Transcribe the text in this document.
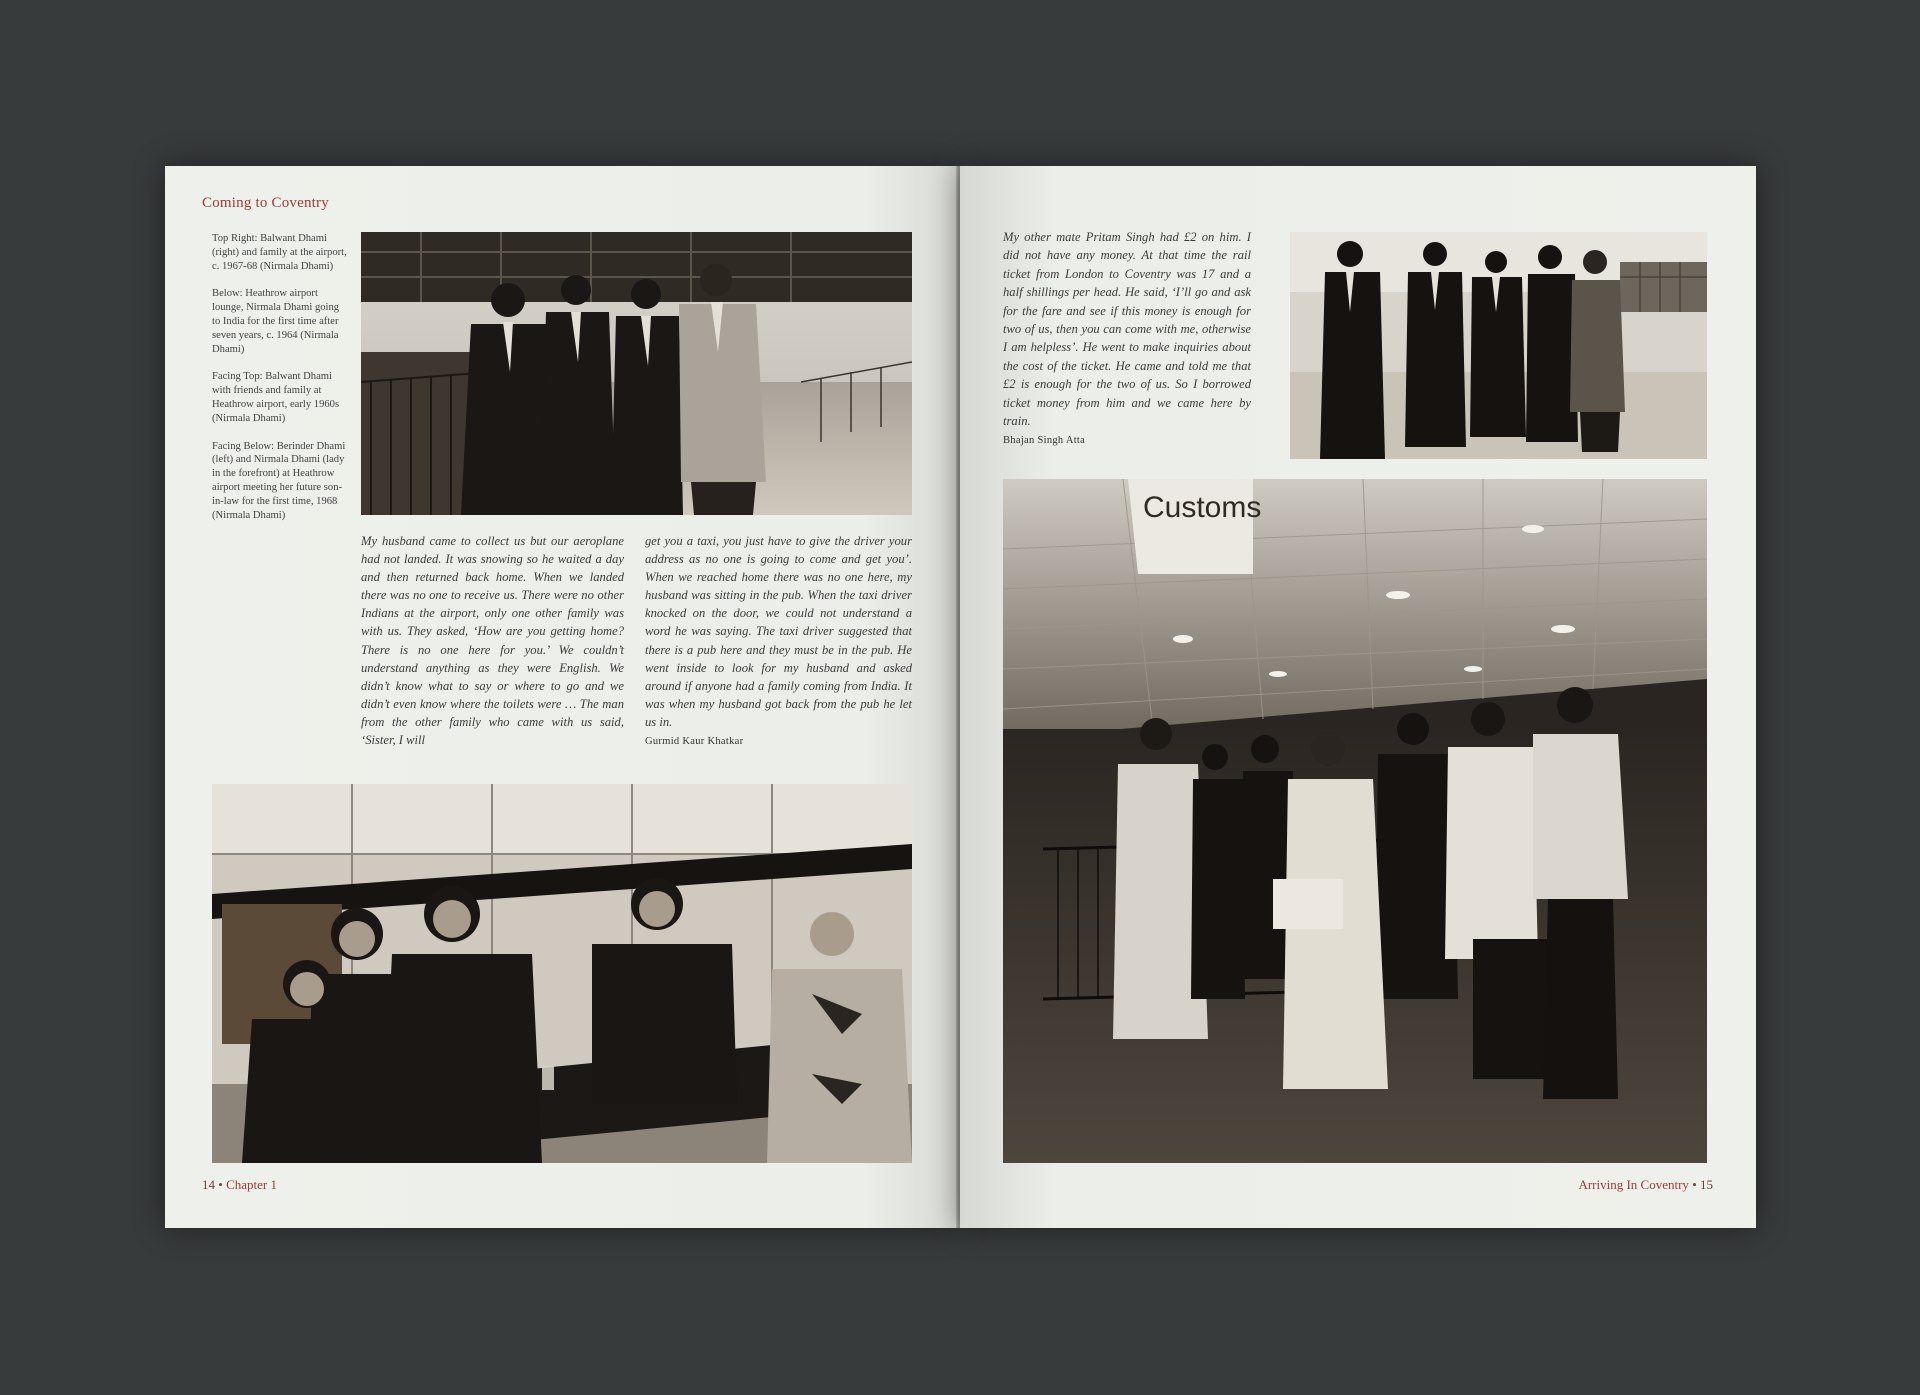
Coming to Coventry

Top Right: Balwant Dhami (right) and family at the airport, c. 1967-68 (Nirmala Dhami)

Below: Heathrow airport lounge, Nirmala Dhami going to India for the first time after seven years, c. 1964 (Nirmala Dhami)

Facing Top: Balwant Dhami with friends and family at Heathrow airport, early 1960s (Nirmala Dhami)

Facing Below: Berinder Dhami (left) and Nirmala Dhami (lady in the forefront) at Heathrow airport meeting her future son-in-law for the first time, 1968 (Nirmala Dhami)

My husband came to collect us but our aeroplane had not landed. It was snowing so he waited a day and then returned back home. When we landed there was no one to receive us. There were no other Indians at the airport, only one other family was with us. They asked, ‘How are you getting home? There is no one here for you.’ We couldn’t understand anything as they were English. We didn’t know what to say or where to go and we didn’t even know where the toilets were … The man from the other family who came with us said, ‘Sister, I will
get you a taxi, you just have to give the driver your address as no one is going to come and get you’. When we reached home there was no one here, my husband was sitting in the pub. When the taxi driver knocked on the door, we could not understand a word he was saying. The taxi driver suggested that there is a pub here and they must be in the pub. He went inside to look for my husband and asked around if anyone had a family coming from India. It was when my husband got back from the pub he let us in.
Gurmid Kaur Khatkar
14 • Chapter 1
My other mate Pritam Singh had £2 on him. I did not have any money. At that time the rail ticket from London to Coventry was 17 and a half shillings per head. He said, ‘I’ll go and ask for the fare and see if this money is enough for two of us, then you can come with me, otherwise I am helpless’. He went to make inquiries about the cost of the ticket. He came and told me that £2 is enough for the two of us. So I borrowed ticket money from him and we came here by train.
Bhajan Singh Atta
Customs
Arriving In Coventry • 15
